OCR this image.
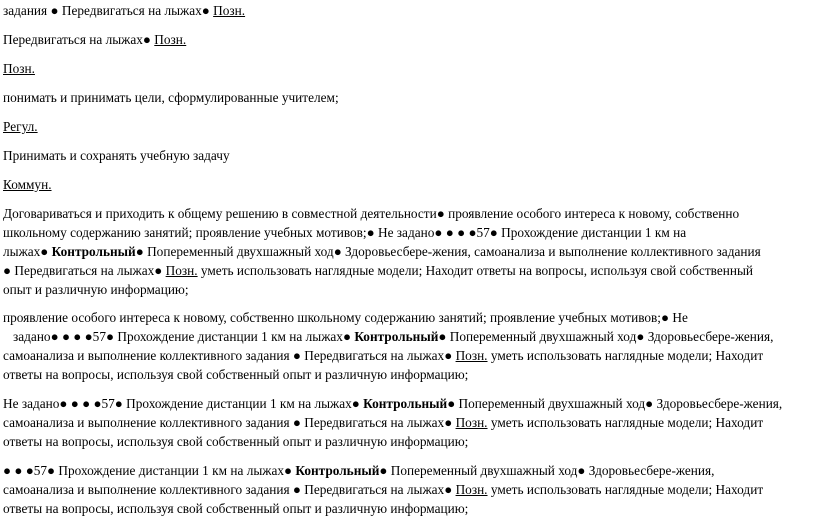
задания ● Передвигаться на лыжах● Позн.
Передвигаться на лыжах● Позн.
Позн.
понимать и принимать цели, сформулированные учителем;
Регул.
Принимать и сохранять учебную задачу
Коммун.
Договариваться и приходить к общему решению в совместной деятельности● проявление особого интереса к новому, собственно
школьному содержанию занятий; проявление учебных мотивов;● Не задано● ● ● ●57● Прохождение дистанции 1 км на
лыжах● Контрольный● Попеременный двухшажный ход● Здоровьесбере-жения, самоанализа и выполнение коллективного задания
● Передвигаться на лыжах● Позн. уметь использовать наглядные модели; Находит ответы на вопросы, используя свой собственный
опыт и различную информацию;
проявление особого интереса к новому, собственно школьному содержанию занятий; проявление учебных мотивов;● Не
задано● ● ● ●57● Прохождение дистанции 1 км на лыжах● Контрольный● Попеременный двухшажный ход● Здоровьесбере-жения,
самоанализа и выполнение коллективного задания ● Передвигаться на лыжах● Позн. уметь использовать наглядные модели; Находит
ответы на вопросы, используя свой собственный опыт и различную информацию;
Не задано● ● ● ●57● Прохождение дистанции 1 км на лыжах● Контрольный● Попеременный двухшажный ход● Здоровьесбере-жения,
самоанализа и выполнение коллективного задания ● Передвигаться на лыжах● Позн. уметь использовать наглядные модели; Находит
ответы на вопросы, используя свой собственный опыт и различную информацию;
● ● ●57● Прохождение дистанции 1 км на лыжах● Контрольный● Попеременный двухшажный ход● Здоровьесбере-жения,
самоанализа и выполнение коллективного задания ● Передвигаться на лыжах● Позн. уметь использовать наглядные модели; Находит
ответы на вопросы, используя свой собственный опыт и различную информацию;
